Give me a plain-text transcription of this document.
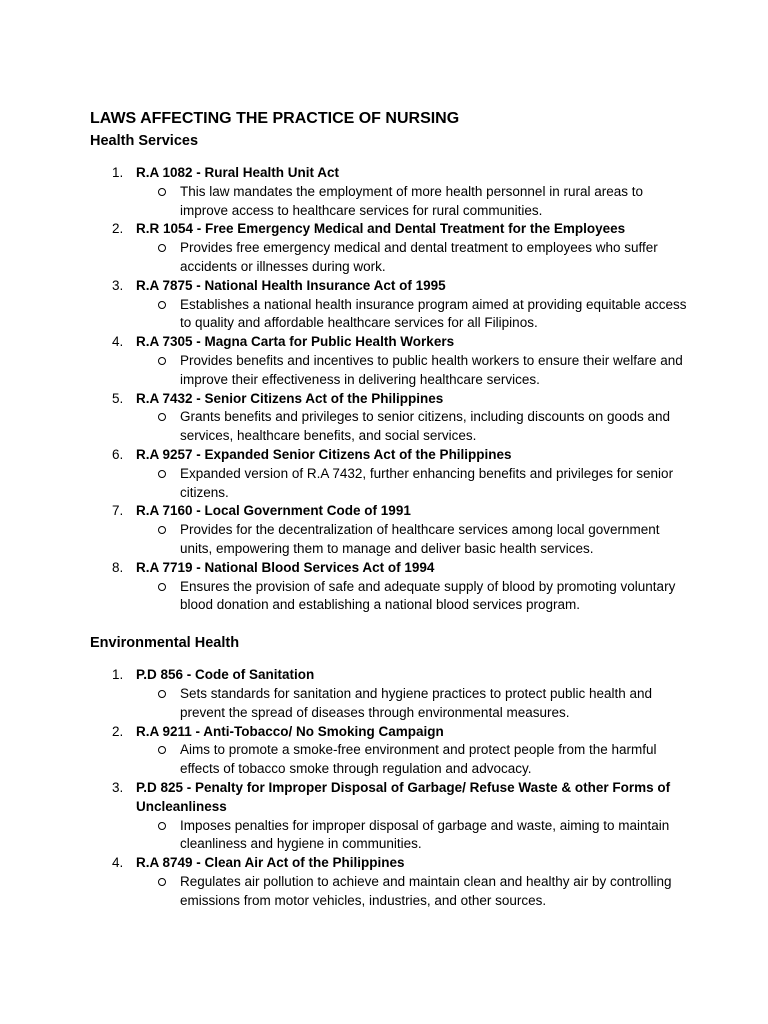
LAWS AFFECTING THE PRACTICE OF NURSING
Health Services
1. R.A 1082 - Rural Health Unit Act
This law mandates the employment of more health personnel in rural areas to improve access to healthcare services for rural communities.
2. R.R 1054 - Free Emergency Medical and Dental Treatment for the Employees
Provides free emergency medical and dental treatment to employees who suffer accidents or illnesses during work.
3. R.A 7875 - National Health Insurance Act of 1995
Establishes a national health insurance program aimed at providing equitable access to quality and affordable healthcare services for all Filipinos.
4. R.A 7305 - Magna Carta for Public Health Workers
Provides benefits and incentives to public health workers to ensure their welfare and improve their effectiveness in delivering healthcare services.
5. R.A 7432 - Senior Citizens Act of the Philippines
Grants benefits and privileges to senior citizens, including discounts on goods and services, healthcare benefits, and social services.
6. R.A 9257 - Expanded Senior Citizens Act of the Philippines
Expanded version of R.A 7432, further enhancing benefits and privileges for senior citizens.
7. R.A 7160 - Local Government Code of 1991
Provides for the decentralization of healthcare services among local government units, empowering them to manage and deliver basic health services.
8. R.A 7719 - National Blood Services Act of 1994
Ensures the provision of safe and adequate supply of blood by promoting voluntary blood donation and establishing a national blood services program.
Environmental Health
1. P.D 856 - Code of Sanitation
Sets standards for sanitation and hygiene practices to protect public health and prevent the spread of diseases through environmental measures.
2. R.A 9211 - Anti-Tobacco/ No Smoking Campaign
Aims to promote a smoke-free environment and protect people from the harmful effects of tobacco smoke through regulation and advocacy.
3. P.D 825 - Penalty for Improper Disposal of Garbage/ Refuse Waste & other Forms of Uncleanliness
Imposes penalties for improper disposal of garbage and waste, aiming to maintain cleanliness and hygiene in communities.
4. R.A 8749 - Clean Air Act of the Philippines
Regulates air pollution to achieve and maintain clean and healthy air by controlling emissions from motor vehicles, industries, and other sources.
